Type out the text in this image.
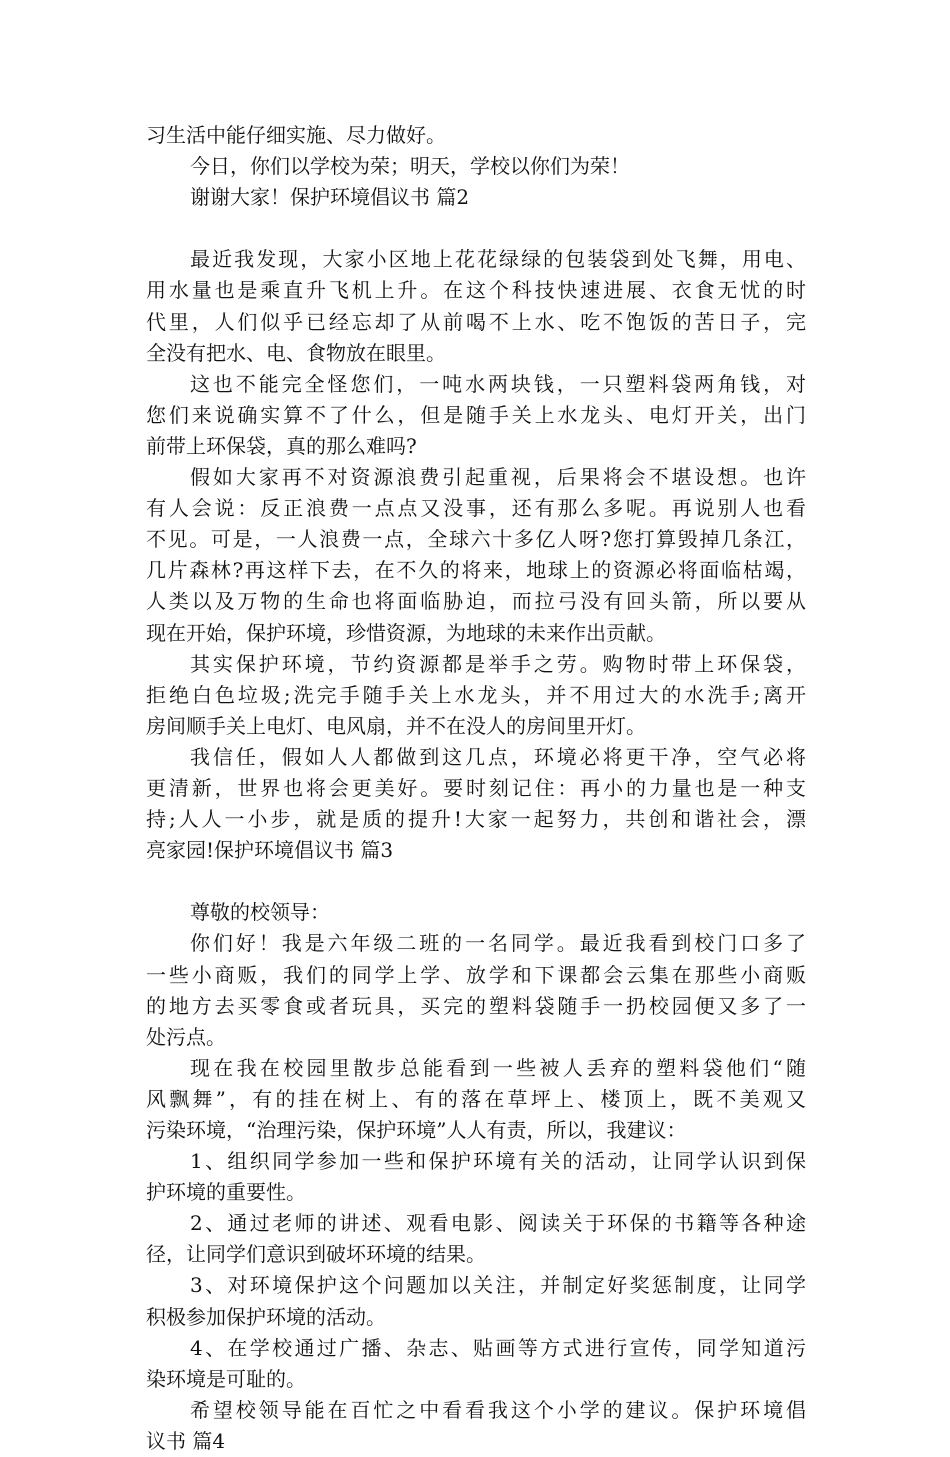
习生活中能仔细实施、尽力做好。
今日，你们以学校为荣；明天，学校以你们为荣！
谢谢大家！保护环境倡议书 篇2
最近我发现，大家小区地上花花绿绿的包装袋到处飞舞，用电、
用水量也是乘直升飞机上升。在这个科技快速进展、衣食无忧的时
代里，人们似乎已经忘却了从前喝不上水、吃不饱饭的苦日子，完
全没有把水、电、食物放在眼里。
这也不能完全怪您们，一吨水两块钱，一只塑料袋两角钱，对
您们来说确实算不了什么，但是随手关上水龙头、电灯开关，出门
前带上环保袋，真的那么难吗?
假如大家再不对资源浪费引起重视，后果将会不堪设想。也许
有人会说：反正浪费一点点又没事，还有那么多呢。再说别人也看
不见。可是，一人浪费一点，全球六十多亿人呀?您打算毁掉几条江，
几片森林?再这样下去，在不久的将来，地球上的资源必将面临枯竭，
人类以及万物的生命也将面临胁迫，而拉弓没有回头箭，所以要从
现在开始，保护环境，珍惜资源，为地球的未来作出贡献。
其实保护环境，节约资源都是举手之劳。购物时带上环保袋，
拒绝白色垃圾;洗完手随手关上水龙头，并不用过大的水洗手;离开
房间顺手关上电灯、电风扇，并不在没人的房间里开灯。
我信任，假如人人都做到这几点，环境必将更干净，空气必将
更清新，世界也将会更美好。要时刻记住：再小的力量也是一种支
持;人人一小步，就是质的提升!大家一起努力，共创和谐社会，漂
亮家园!保护环境倡议书 篇3
尊敬的校领导：
你们好！我是六年级二班的一名同学。最近我看到校门口多了
一些小商贩，我们的同学上学、放学和下课都会云集在那些小商贩
的地方去买零食或者玩具，买完的塑料袋随手一扔校园便又多了一
处污点。
现在我在校园里散步总能看到一些被人丢弃的塑料袋他们“随
风飘舞”，有的挂在树上、有的落在草坪上、楼顶上，既不美观又
污染环境，“治理污染，保护环境”人人有责，所以，我建议：
1、组织同学参加一些和保护环境有关的活动，让同学认识到保
护环境的重要性。
2、通过老师的讲述、观看电影、阅读关于环保的书籍等各种途
径，让同学们意识到破坏环境的结果。
3、对环境保护这个问题加以关注，并制定好奖惩制度，让同学
积极参加保护环境的活动。
4、在学校通过广播、杂志、贴画等方式进行宣传，同学知道污
染环境是可耻的。
希望校领导能在百忙之中看看我这个小学的建议。保护环境倡
议书 篇4
